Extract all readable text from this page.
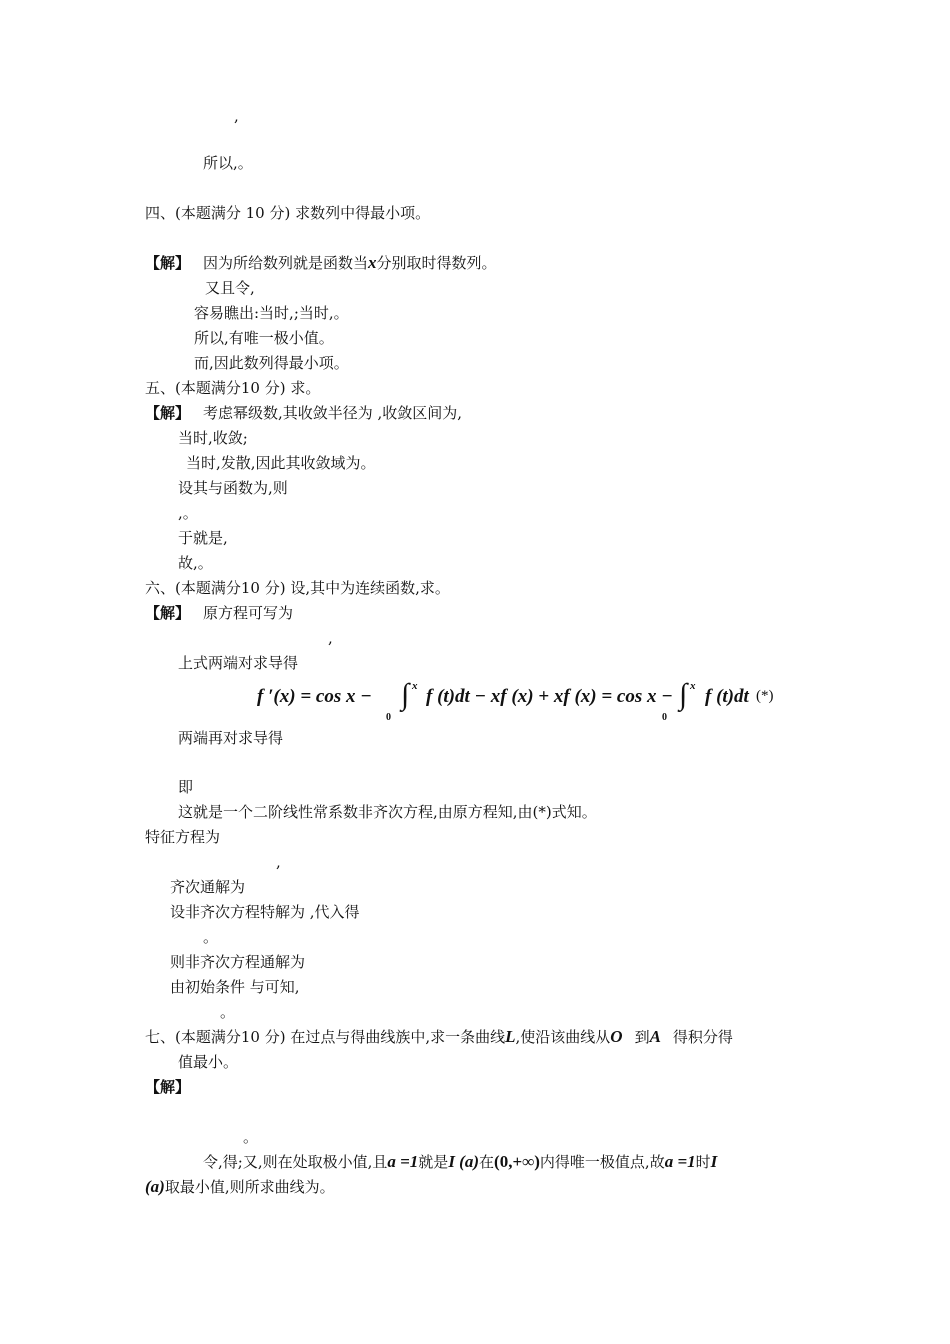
,
所以,。
四、(本题满分 10 分) 求数列中得最小项。
【解】 因为所给数列就是函数当x分别取时得数列。
又且令,
容易瞧出:当时,;当时,。
所以,有唯一极小值。
而,因此数列得最小项。
五、(本题满分10 分) 求。
【解】 考虑幂级数,其收敛半径为 ,收敛区间为,
当时,收敛;
当时,发散,因此其收敛域为。
设其与函数为,则
,。
于就是,
故,。
六、(本题满分10 分) 设,其中为连续函数,求。
【解】 原方程可写为
,
上式两端对求导得
f ′(x) = cos x − ∫ x
0
f (t)dt − xf (x) + xf (x) = cos x − ∫ x
0
f (t)dt (*)
两端再对求导得
即
这就是一个二阶线性常系数非齐次方程,由原方程知,由(*)式知。
特征方程为
,
齐次通解为
设非齐次方程特解为 ,代入得
。
则非齐次方程通解为
由初始条件 与可知,
。
七、(本题满分10 分) 在过点与得曲线族中,求一条曲线L,使沿该曲线从O 到A 得积分得
值最小。
【解】
。
令,得;又,则在处取极小值,且a =1就是I (a)在(0,+∞)内得唯一极值点,故a =1时I
(a)取最小值,则所求曲线为。
